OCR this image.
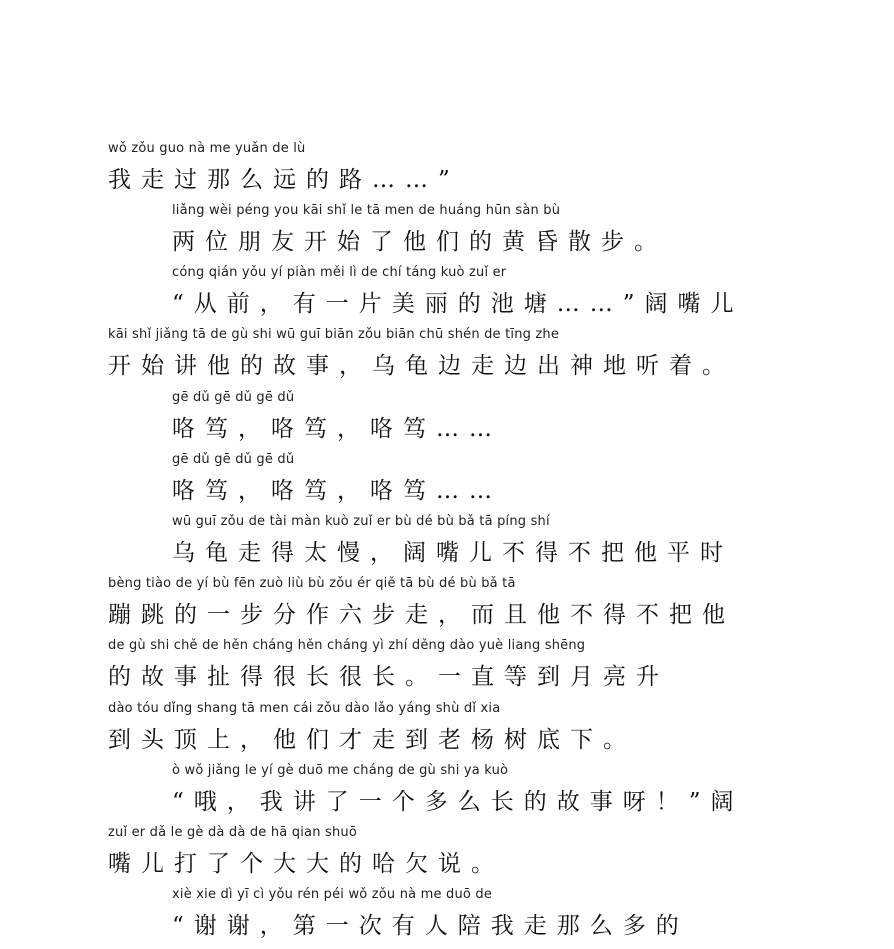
wǒ zǒu guo nà me yuǎn de lù
我走过那么远的路……”
liǎng wèi péng you kāi shǐ le tā men de huáng hūn sàn bù
两位朋友开始了他们的黄昏散步。
cóng qián yǒu yí piàn měi lì de chí táng kuò zuǐ er
“从前，有一片美丽的池塘……”阔嘴儿
kāi shǐ jiǎng tā de gù shi wū guī biān zǒu biān chū shén de tīng zhe
开始讲他的故事，乌龟边走边出神地听着。
gē dǔ gē dǔ gē dǔ
咯笃，咯笃，咯笃……
gē dǔ gē dǔ gē dǔ
咯笃，咯笃，咯笃……
wū guī zǒu de tài màn kuò zuǐ er bù dé bù bǎ tā píng shí
乌龟走得太慢，阔嘴儿不得不把他平时
bèng tiào de yí bù fēn zuò liù bù zǒu ér qiě tā bù dé bù bǎ tā
蹦跳的一步分作六步走，而且他不得不把他
de gù shi chě de hěn cháng hěn cháng yì zhí děng dào yuè liang shēng
的故事扯得很长很长。一直等到月亮升
dào tóu dǐng shang tā men cái zǒu dào lǎo yáng shù dǐ xia
到头顶上，他们才走到老杨树底下。
ò wǒ jiǎng le yí gè duō me cháng de gù shi ya kuò
“哦，我讲了一个多么长的故事呀！”阔
zuǐ er dǎ le gè dà dà de hā qian shuō
嘴儿打了个大大的哈欠说。
xiè xie dì yī cì yǒu rén péi wǒ zǒu nà me duō de
“谢谢，第一次有人陪我走那么多的
